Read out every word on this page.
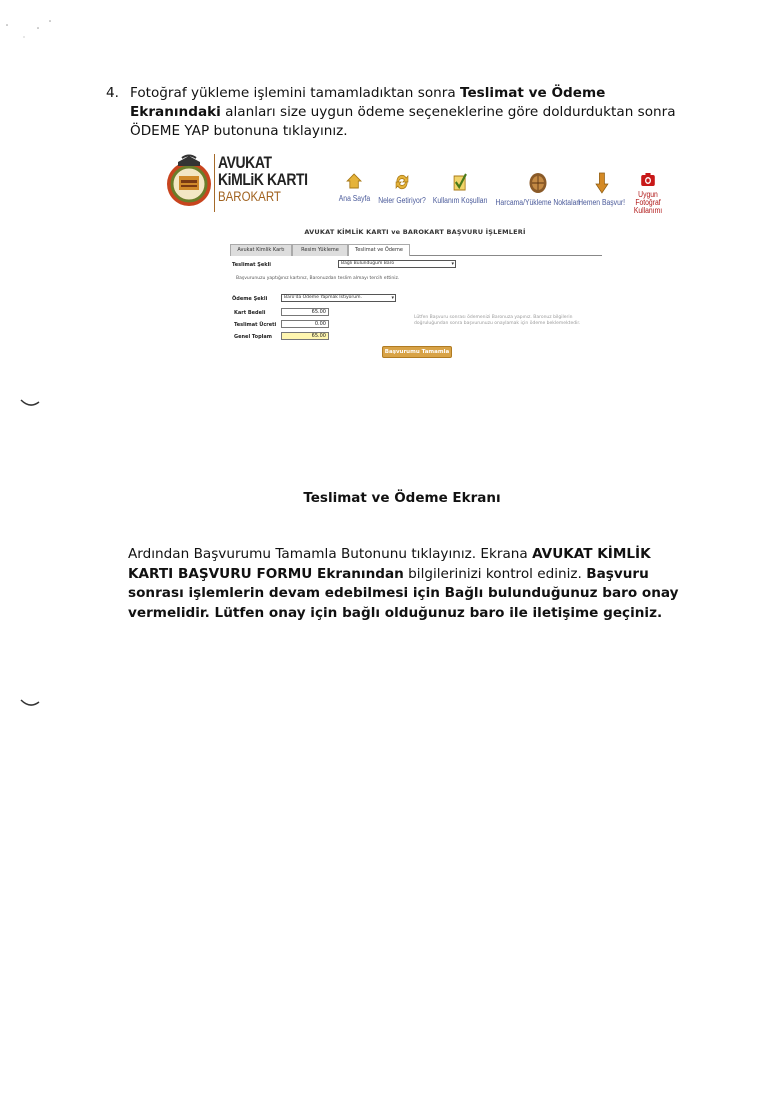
4. Fotoğraf yükleme işlemini tamamladıktan sonra Teslimat ve Ödeme Ekranındaki alanları size uygun ödeme seçeneklerine göre doldurduktan sonra ÖDEME YAP butonuna tıklayınız.
AVUKAT
KiMLiK KARTI
BAROKART	Ana Sayfa Neler Getiriyor? Kullanım Koşulları Harcama/Yükleme Noktaları
Hemen Başvur!
Uygun Fotoğraf
Kullanımı
AVUKAT KİMLİK KARTI ve BAROKART BAŞVURU İŞLEMLERİ
Avukat Kimlik Kartı	Resim Yükleme	Teslimat ve Ödeme
Teslimat Şekli	Bağlı Bulunduğum Baro	▾
Başvurunuzu yaptığınız kartınız, Baronuzdan teslim almayı tercih ettiniz.
Ödeme Şekli	Baro'da Ödeme Yapmak İstiyorum.	▾
Kart Bedeli	65.00
Teslimat Ücreti	0.00
Genel Toplam	65.00
Lütfen Başvuru sonrası ödemenizi Baronuza yapınız. Baronuz bilgilerin doğruluğundan sonra başvurunuzu onaylamak için ödeme beklemektedir.
Başvurumu Tamamla
Teslimat ve Ödeme Ekranı
Ardından Başvurumu Tamamla Butonunu tıklayınız. Ekrana AVUKAT KİMLİK KARTI BAŞVURU FORMU Ekranından bilgilerinizi kontrol ediniz. Başvuru sonrası işlemlerin devam edebilmesi için Bağlı bulunduğunuz baro onay vermelidir. Lütfen onay için bağlı olduğunuz baro ile iletişime geçiniz.
